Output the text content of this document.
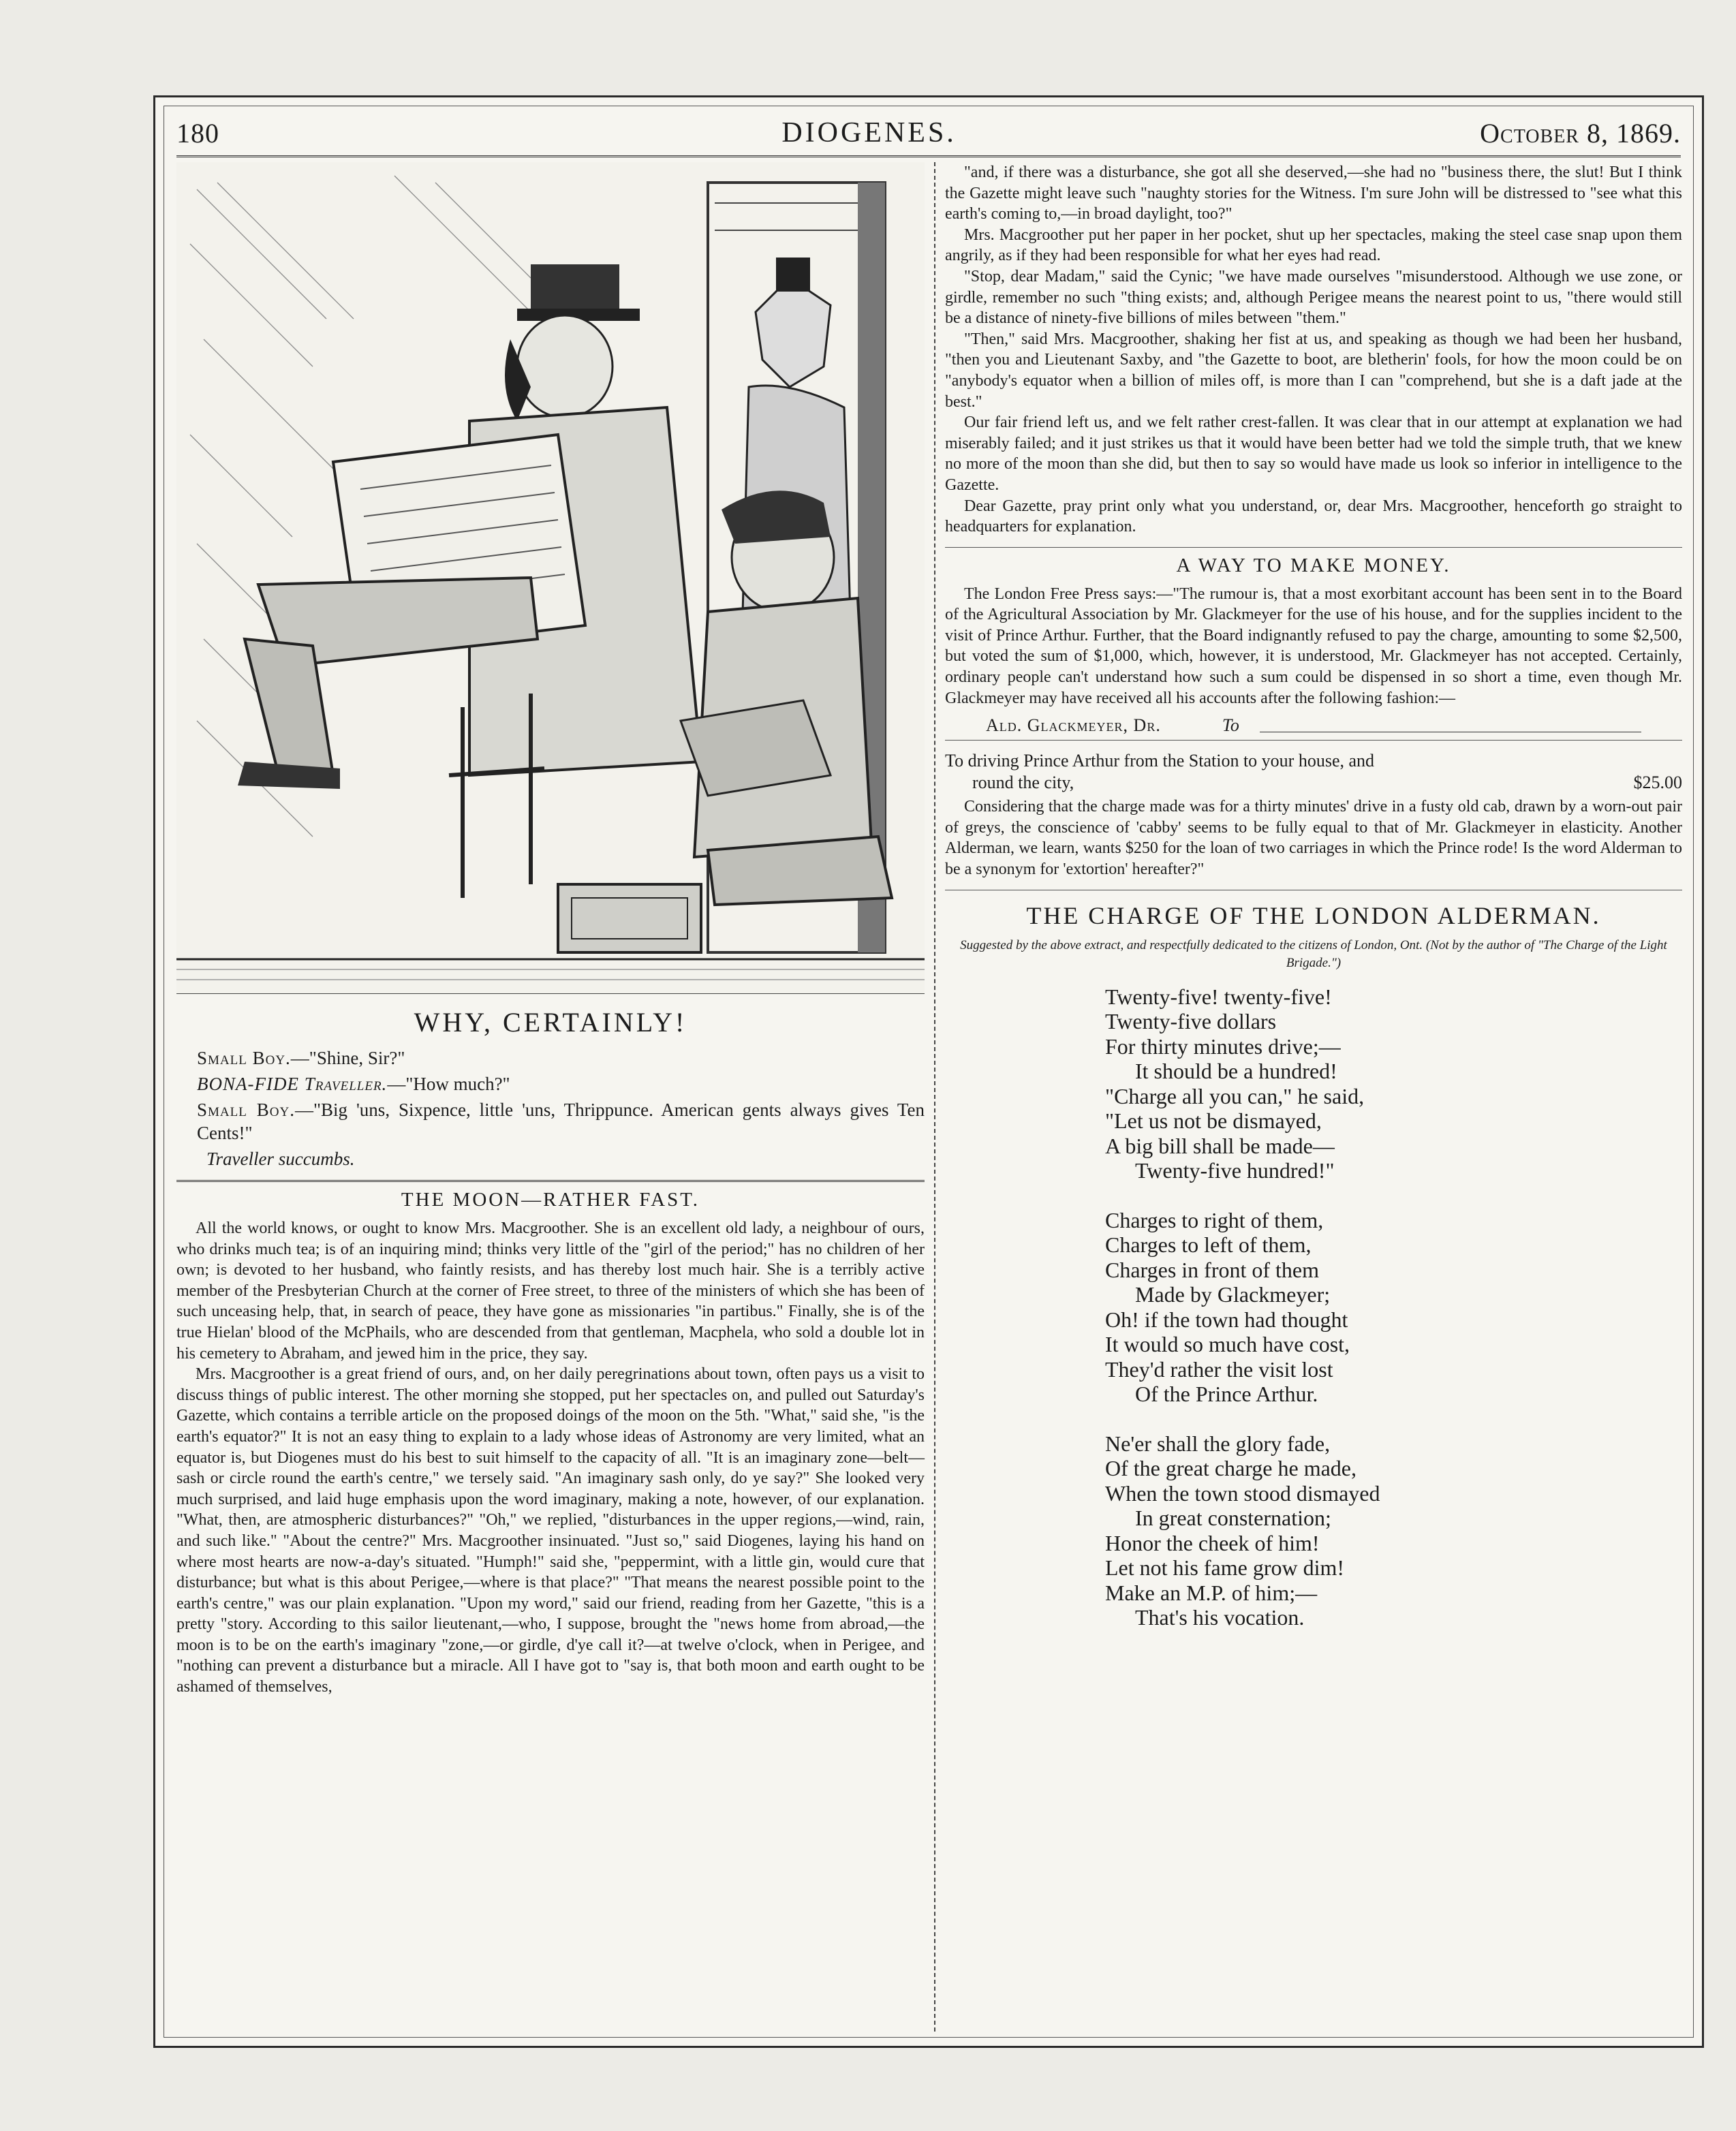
180	DIOGENES.	October 8, 1869.
WHY, CERTAINLY!

Small Boy.—"Shine, Sir?"

BONA-FIDE Traveller.—"How much?"

Small Boy.—"Big 'uns, Sixpence, little 'uns, Thrippunce. American gents always gives Ten Cents!"

Traveller succumbs.

THE MOON—RATHER FAST.

All the world knows, or ought to know Mrs. Macgroother. She is an excellent old lady, a neighbour of ours, who drinks much tea; is of an inquiring mind; thinks very little of the "girl of the period;" has no children of her own; is devoted to her husband, who faintly resists, and has thereby lost much hair. She is a terribly active member of the Presbyterian Church at the corner of Free street, to three of the ministers of which she has been of such unceasing help, that, in search of peace, they have gone as missionaries "in partibus." Finally, she is of the true Hielan' blood of the McPhails, who are descended from that gentleman, Macphela, who sold a double lot in his cemetery to Abraham, and jewed him in the price, they say.

Mrs. Macgroother is a great friend of ours, and, on her daily peregrinations about town, often pays us a visit to discuss things of public interest. The other morning she stopped, put her spectacles on, and pulled out Saturday's Gazette, which contains a terrible article on the proposed doings of the moon on the 5th. "What," said she, "is the earth's equator?" It is not an easy thing to explain to a lady whose ideas of Astronomy are very limited, what an equator is, but Diogenes must do his best to suit himself to the capacity of all. "It is an imaginary zone—belt—sash or circle round the earth's centre," we tersely said. "An imaginary sash only, do ye say?" She looked very much surprised, and laid huge emphasis upon the word imaginary, making a note, however, of our explanation. "What, then, are atmospheric disturbances?" "Oh," we replied, "disturbances in the upper regions,—wind, rain, and such like." "About the centre?" Mrs. Macgroother insinuated. "Just so," said Diogenes, laying his hand on where most hearts are now-a-day's situated. "Humph!" said she, "peppermint, with a little gin, would cure that disturbance; but what is this about Perigee,—where is that place?" "That means the nearest possible point to the earth's centre," was our plain explanation. "Upon my word," said our friend, reading from her Gazette, "this is a pretty "story. According to this sailor lieutenant,—who, I suppose, brought the "news home from abroad,—the moon is to be on the earth's imaginary "zone,—or girdle, d'ye call it?—at twelve o'clock, when in Perigee, and "nothing can prevent a disturbance but a miracle. All I have got to "say is, that both moon and earth ought to be ashamed of themselves,

"and, if there was a disturbance, she got all she deserved,—she had no "business there, the slut! But I think the Gazette might leave such "naughty stories for the Witness. I'm sure John will be distressed to "see what this earth's coming to,—in broad daylight, too?"

Mrs. Macgroother put her paper in her pocket, shut up her spectacles, making the steel case snap upon them angrily, as if they had been responsible for what her eyes had read.

"Stop, dear Madam," said the Cynic; "we have made ourselves "misunderstood. Although we use zone, or girdle, remember no such "thing exists; and, although Perigee means the nearest point to us, "there would still be a distance of ninety-five billions of miles between "them."

"Then," said Mrs. Macgroother, shaking her fist at us, and speaking as though we had been her husband, "then you and Lieutenant Saxby, and "the Gazette to boot, are bletherin' fools, for how the moon could be on "anybody's equator when a billion of miles off, is more than I can "comprehend, but she is a daft jade at the best."

Our fair friend left us, and we felt rather crest-fallen. It was clear that in our attempt at explanation we had miserably failed; and it just strikes us that it would have been better had we told the simple truth, that we knew no more of the moon than she did, but then to say so would have made us look so inferior in intelligence to the Gazette.

Dear Gazette, pray print only what you understand, or, dear Mrs. Macgroother, henceforth go straight to headquarters for explanation.

A WAY TO MAKE MONEY.

The London Free Press says:—"The rumour is, that a most exorbitant account has been sent in to the Board of the Agricultural Association by Mr. Glackmeyer for the use of his house, and for the supplies incident to the visit of Prince Arthur. Further, that the Board indignantly refused to pay the charge, amounting to some $2,500, but voted the sum of $1,000, which, however, it is understood, Mr. Glackmeyer has not accepted. Certainly, ordinary people can't understand how such a sum could be dispensed in so short a time, even though Mr. Glackmeyer may have received all his accounts after the following fashion:—

Ald. Glackmeyer, Dr.	To
To driving Prince Arthur from the Station to your house, and
round the city,	$25.00

Considering that the charge made was for a thirty minutes' drive in a fusty old cab, drawn by a worn-out pair of greys, the conscience of 'cabby' seems to be fully equal to that of Mr. Glackmeyer in elasticity. Another Alderman, we learn, wants $250 for the loan of two carriages in which the Prince rode! Is the word Alderman to be a synonym for 'extortion' hereafter?"

THE CHARGE OF THE LONDON ALDERMAN.
Suggested by the above extract, and respectfully dedicated to the citizens of London, Ont. (Not by the author of "The Charge of the Light Brigade.")
Twenty-five! twenty-five!
Twenty-five dollars
For thirty minutes drive;—
It should be a hundred!
"Charge all you can," he said,
"Let us not be dismayed,
A big bill shall be made—
Twenty-five hundred!"
Charges to right of them,
Charges to left of them,
Charges in front of them
Made by Glackmeyer;
Oh! if the town had thought
It would so much have cost,
They'd rather the visit lost
Of the Prince Arthur.
Ne'er shall the glory fade,
Of the great charge he made,
When the town stood dismayed
In great consternation;
Honor the cheek of him!
Let not his fame grow dim!
Make an M.P. of him;—
That's his vocation.
